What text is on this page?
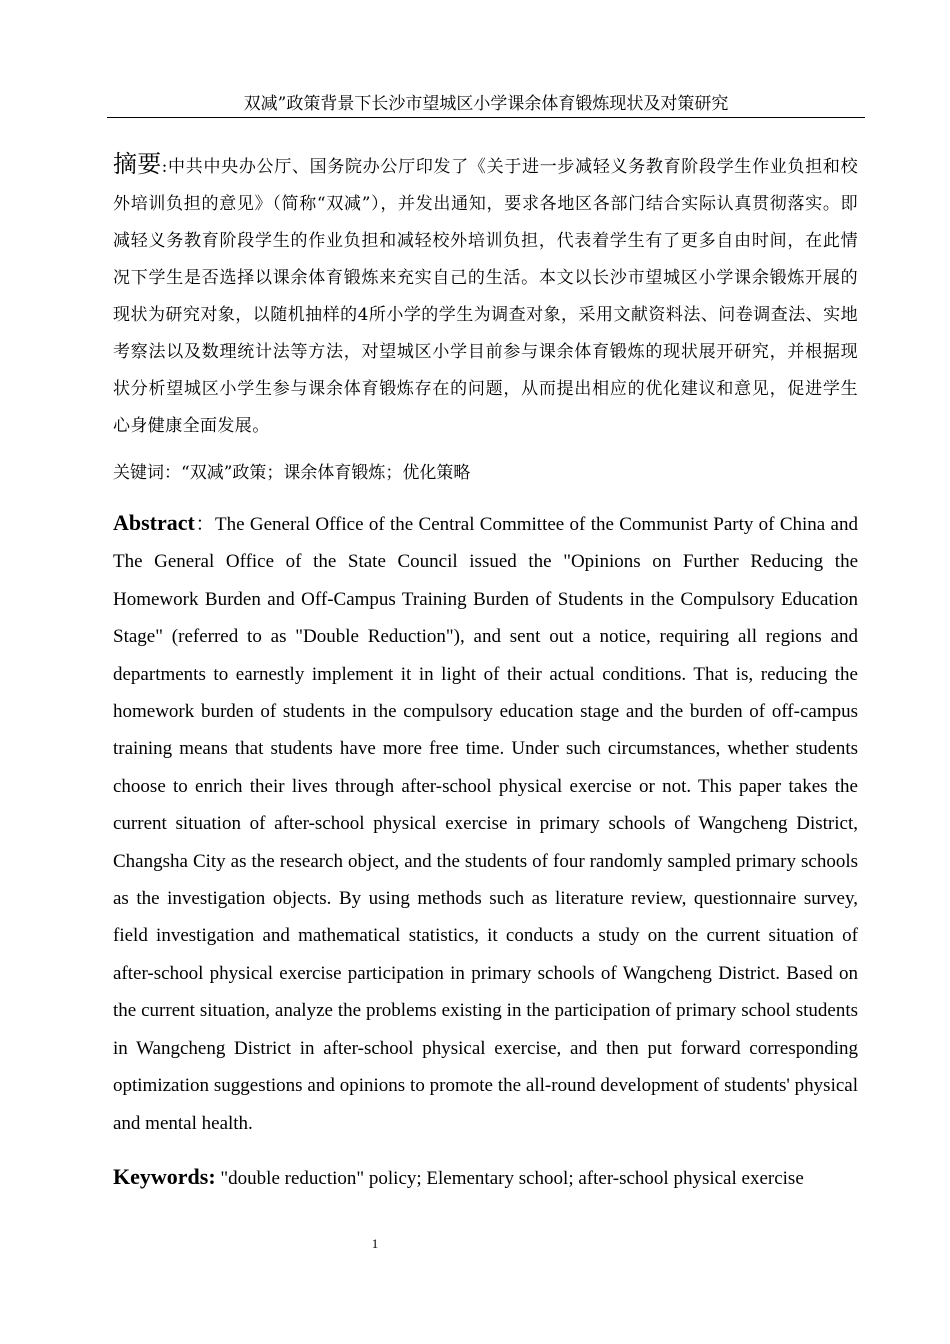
双减”政策背景下长沙市望城区小学课余体育锻炼现状及对策研究
摘要:中共中央办公厅、国务院办公厅印发了《关于进一步减轻义务教育阶段学生作业负担和校外培训负担的意见》（简称“双减”），并发出通知，要求各地区各部门结合实际认真贯彻落实。即减轻义务教育阶段学生的作业负担和减轻校外培训负担，代表着学生有了更多自由时间，在此情况下学生是否选择以课余体育锻炼来充实自己的生活。本文以长沙市望城区小学课余锻炼开展的现状为研究对象，以随机抽样的4所小学的学生为调查对象，采用文献资料法、问卷调查法、实地考察法以及数理统计法等方法，对望城区小学目前参与课余体育锻炼的现状展开研究，并根据现状分析望城区小学生参与课余体育锻炼存在的问题，从而提出相应的优化建议和意见，促进学生心身健康全面发展。
关键词：“双减”政策；课余体育锻炼；优化策略
Abstract：The General Office of the Central Committee of the Communist Party of China and The General Office of the State Council issued the "Opinions on Further Reducing the Homework Burden and Off-Campus Training Burden of Students in the Compulsory Education Stage" (referred to as "Double Reduction"), and sent out a notice, requiring all regions and departments to earnestly implement it in light of their actual conditions. That is, reducing the homework burden of students in the compulsory education stage and the burden of off-campus training means that students have more free time. Under such circumstances, whether students choose to enrich their lives through after-school physical exercise or not. This paper takes the current situation of after-school physical exercise in primary schools of Wangcheng District, Changsha City as the research object, and the students of four randomly sampled primary schools as the investigation objects. By using methods such as literature review, questionnaire survey, field investigation and mathematical statistics, it conducts a study on the current situation of after-school physical exercise participation in primary schools of Wangcheng District. Based on the current situation, analyze the problems existing in the participation of primary school students in Wangcheng District in after-school physical exercise, and then put forward corresponding optimization suggestions and opinions to promote the all-round development of students' physical and mental health.
Keywords: "double reduction" policy; Elementary school; after-school physical exercise
1
